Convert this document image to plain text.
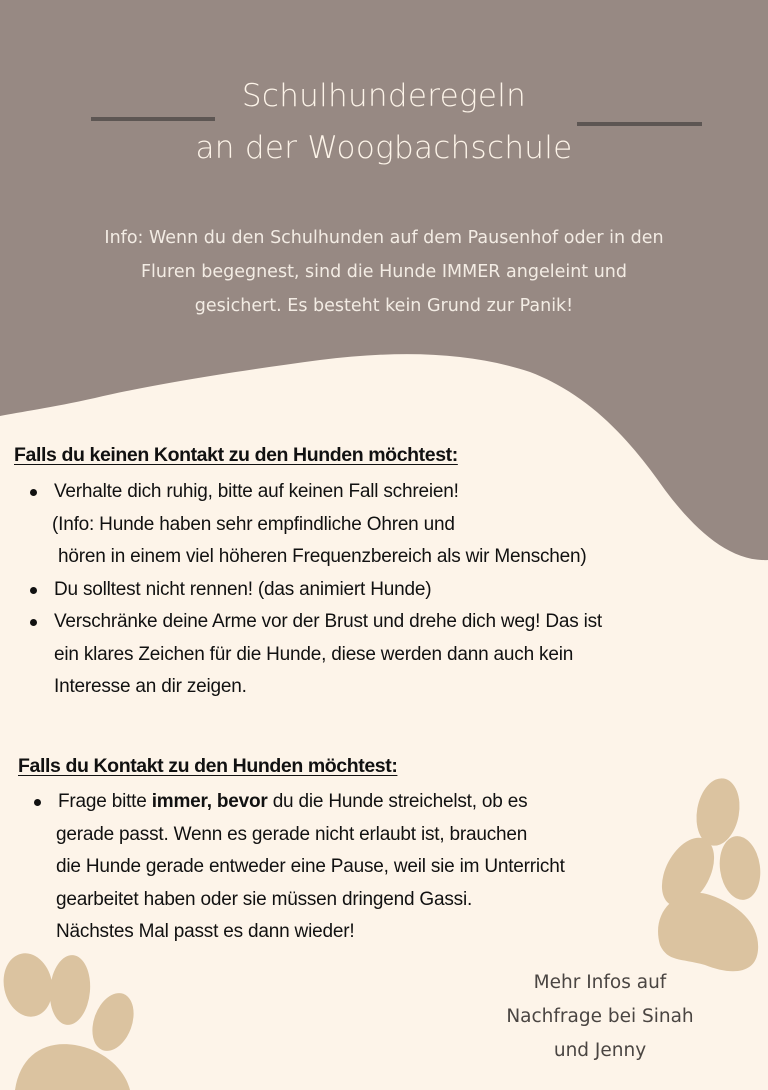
Schulhunderegeln
an der Woogbachschule
Info: Wenn du den Schulhunden auf dem Pausenhof oder in den
Fluren begegnest, sind die Hunde IMMER angeleint und
gesichert. Es besteht kein Grund zur Panik!
Falls du keinen Kontakt zu den Hunden möchtest:
Verhalte dich ruhig, bitte auf keinen Fall schreien!
(Info: Hunde haben sehr empfindliche Ohren und
hören in einem viel höheren Frequenzbereich als wir Menschen)
Du solltest nicht rennen! (das animiert Hunde)
Verschränke deine Arme vor der Brust und drehe dich weg! Das ist
ein klares Zeichen für die Hunde, diese werden dann auch kein
Interesse an dir zeigen.
Falls du Kontakt zu den Hunden möchtest:
Frage bitte immer, bevor du die Hunde streichelst, ob es
gerade passt. Wenn es gerade nicht erlaubt ist, brauchen
die Hunde gerade entweder eine Pause, weil sie im Unterricht
gearbeitet haben oder sie müssen dringend Gassi.
Nächstes Mal passt es dann wieder!
Mehr Infos auf
Nachfrage bei Sinah
und Jenny
